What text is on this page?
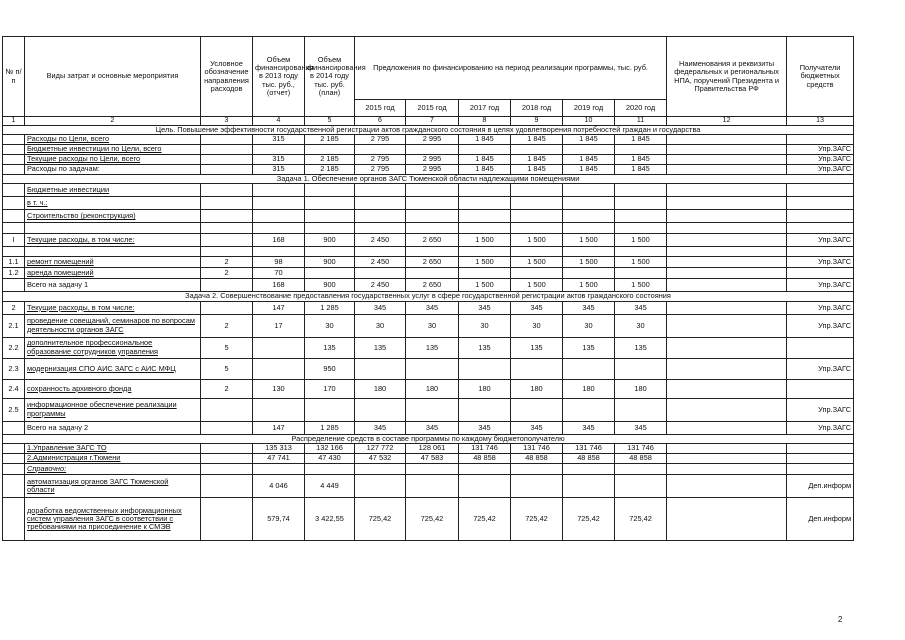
№ п/п	Виды затрат и основные мероприятия	Условное обозначение направления расходов	Объем финансирования в 2013 году тыс. руб., (отчет)	Объем финансирования в 2014 году тыс. руб. (план)	Предложения по финансированию на период реализации программы, тыс. руб.						Наименования и реквизиты федеральных и региональных НПА, поручений Президента и Правительства РФ	Получатели бюджетных средств
					2015 год	2015 год	2017 год	2018 год	2019 год	2020 год		
1	2	3	4	5	6	7	8	9	10	11	12	13
Цель. Повышение эффективности государственной регистрации актов гражданского состояния в целях удовлетворения потребностей граждан и государства												
	Расходы по Цели, всего		315	2 185	2 795	2 995	1 845	1 845	1 845	1 845		
	Бюджетные инвестиции по Цели, всего											Упр.ЗАГС
	Текущие расходы по Цели, всего		315	2 185	2 795	2 995	1 845	1 845	1 845	1 845		Упр.ЗАГС
	Расходы по задачам:		315	2 185	2 795	2 995	1 845	1 845	1 845	1 845		Упр.ЗАГС
Задача 1. Обеспечение органов ЗАГС Тюменской области надлежащими помещениями												
	Бюджетные инвестиции											
	в т. ч.:											
	Строительство (реконструкция)											

I	Текущие расходы, в том числе:		168	900	2 450	2 650	1 500	1 500	1 500	1 500		Упр.ЗАГС

1.1	ремонт помещений	2	98	900	2 450	2 650	1 500	1 500	1 500	1 500		Упр.ЗАГС
1.2	аренда помещений	2	70									
	Всего на задачу 1		168	900	2 450	2 650	1 500	1 500	1 500	1 500		Упр.ЗАГС
Задача 2. Совершенствование предоставления государственных услуг в сфере государственной регистрации актов гражданского состояния												
2	Текущие расходы, в том числе:		147	1 285	345	345	345	345	345	345		Упр.ЗАГС
2.1	проведение совещаний, семинаров по вопросам деятельности органов ЗАГС	2	17	30	30	30	30	30	30	30		Упр.ЗАГС
2.2	дополнительное профессиональное образование сотрудников управления	5		135	135	135	135	135	135	135		
2.3	модернизация СПО АИС ЗАГС с АИС МФЦ	5		950								Упр.ЗАГС
2.4	сохранность архивного фонда	2	130	170	180	180	180	180	180	180		
2.5	информационное обеспечение реализации программы											Упр.ЗАГС
	Всего на задачу 2		147	1 285	345	345	345	345	345	345		Упр.ЗАГС
Распределение средств в составе программы по каждому бюджетополучателю												
	1.Управление ЗАГС ТО		135 313	132 166	127 772	128 061	131 746	131 746	131 746	131 746		
	2.Администрация г.Тюмени		47 741	47 430	47 532	47 583	48 858	48 858	48 858	48 858		
	Справочно:											
	автоматизация органов ЗАГС Тюменской области		4 046	4 449								Деп.информ
	доработка ведомственных информационных систем управления ЗАГС в соответствии с требованиями на присоединение к СМЭВ		579,74	3 422,55	725,42	725,42	725,42	725,42	725,42	725,42		Деп.информ
2
